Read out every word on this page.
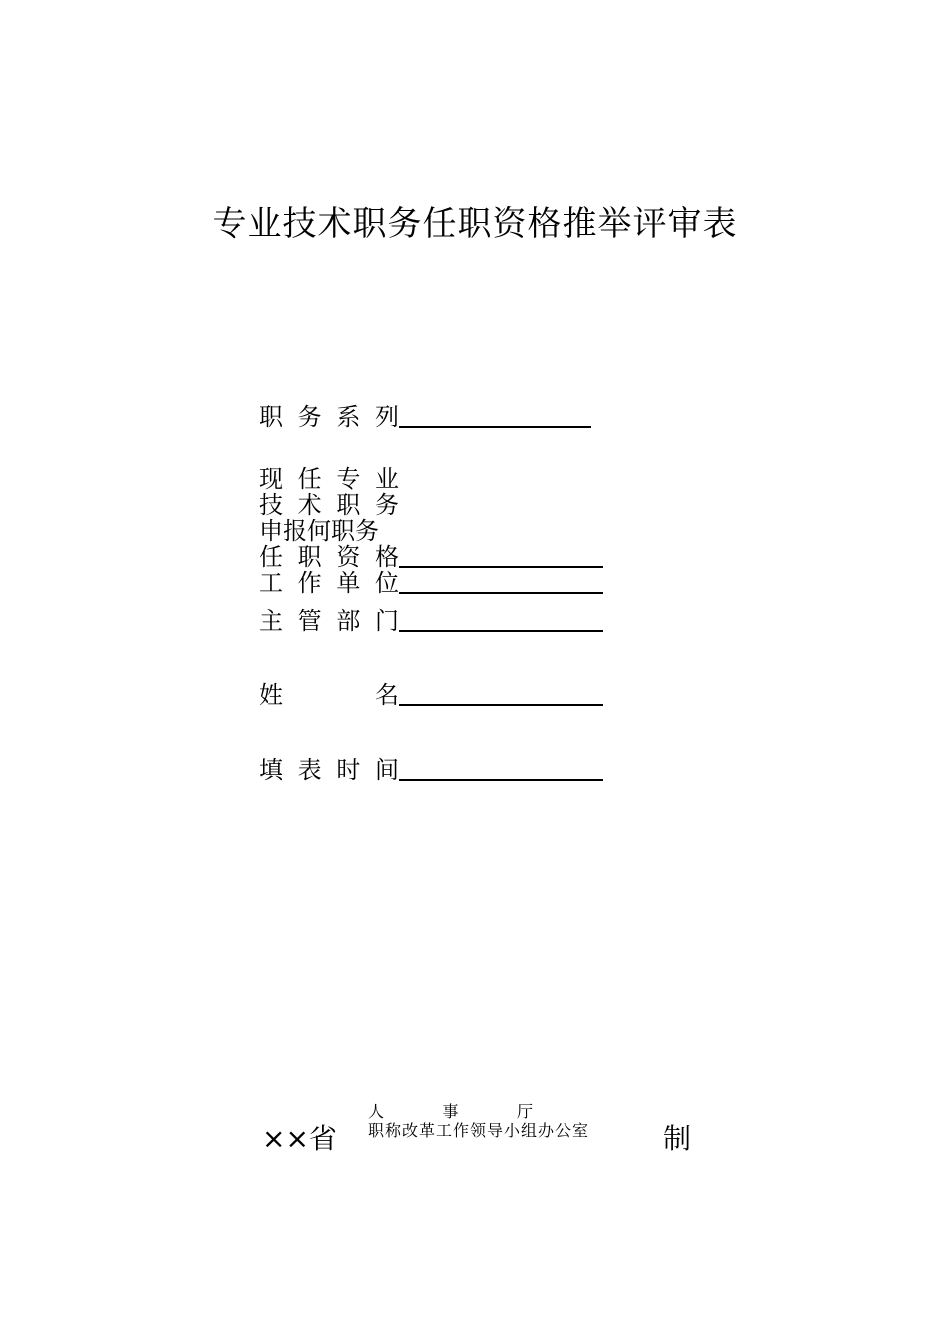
专业技术职务任职资格推举评审表
职 务 系 列
现 任 专 业
技 术 职 务
申报何职务
任 职 资 格
工 作 单 位
主 管 部 门
姓	名
填 表 时 间
××省
人	事	厅
职称改革工作领导小组办公室	制
